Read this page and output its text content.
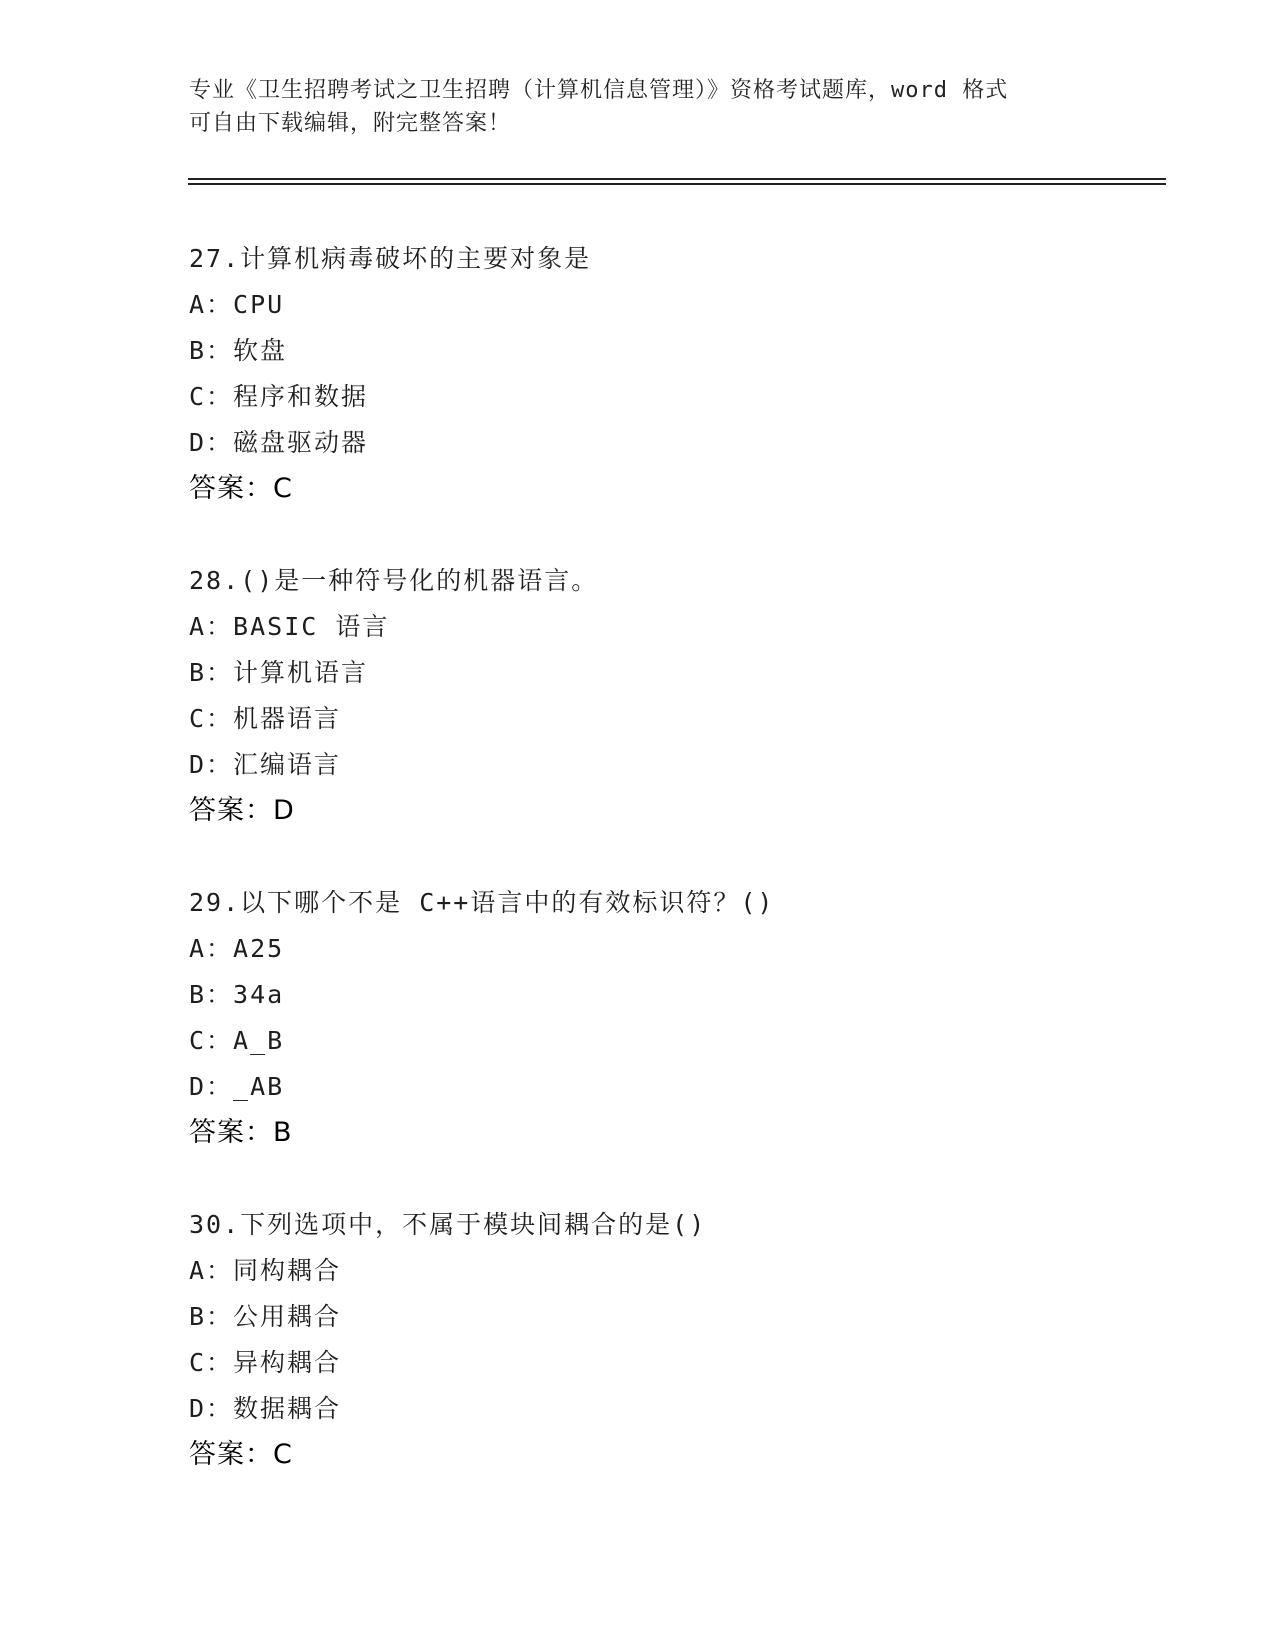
专业《卫生招聘考试之卫生招聘（计算机信息管理）》资格考试题库，word 格式
可自由下载编辑，附完整答案！
27.计算机病毒破坏的主要对象是
A：CPU
B：软盘
C：程序和数据
D：磁盘驱动器
答案：C
28.()是一种符号化的机器语言。
A：BASIC 语言
B：计算机语言
C：机器语言
D：汇编语言
答案：D
29.以下哪个不是 C++语言中的有效标识符？()
A：A25
B：34a
C：A_B
D：_AB
答案：B
30.下列选项中，不属于模块间耦合的是()
A：同构耦合
B：公用耦合
C：异构耦合
D：数据耦合
答案：C
